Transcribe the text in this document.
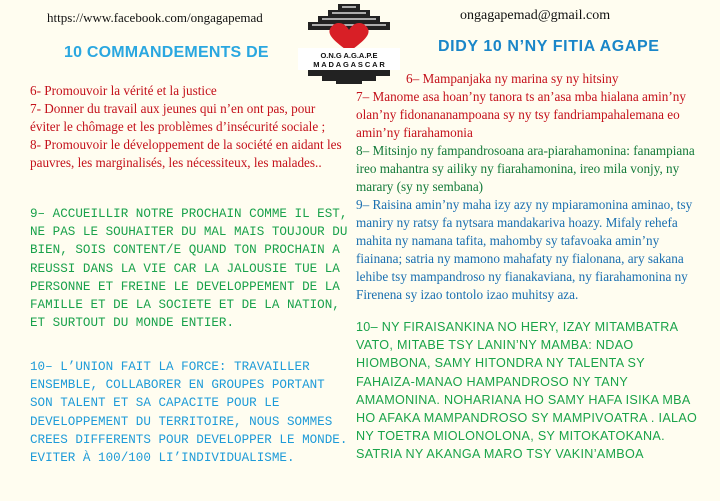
https://www.facebook.com/ongagapemad	ongagapemad@gmail.com
O.N.G A.G.A.P.E
M A D A G A S C A R
10 COMMANDEMENTS DE	DIDY 10 N’NY FITIA AGAPE

6- Promouvoir la vérité et la justice

7- Donner du travail aux jeunes qui n’en ont pas, pour éviter le chômage et les problèmes d’insécurité sociale ;

8- Promouvoir le développement de la société en aidant les pauvres, les marginalisés, les nécessiteux, les malades..

9– ACCUEILLIR NOTRE PROCHAIN COMME IL EST, NE PAS LE SOUHAITER DU MAL MAIS TOUJOUR DU BIEN, SOIS CONTENT/E QUAND TON PROCHAIN A REUSSI DANS LA VIE CAR LA JALOUSIE TUE LA PERSONNE ET FREINE LE DEVELOPPEMENT DE LA FAMILLE ET DE LA SOCIETE ET DE LA NATION, ET SURTOUT DU MONDE ENTIER.
10– L’UNION FAIT LA FORCE: TRAVAILLER ENSEMBLE, COLLABORER EN GROUPES PORTANT SON TALENT ET SA CAPACITE POUR LE DEVELOPPEMENT DU TERRITOIRE, NOUS SOMMES CREES DIFFERENTS POUR DEVELOPPER LE MONDE. EVITER À 100/100 LI’INDIVIDUALISME.

6– Mampanjaka ny marina sy ny hitsiny

7– Manome asa hoan’ny tanora ts an’asa mba hialana amin’ny olan’ny fidonananampoana sy ny tsy fandriampahalemana eo amin’ny fiarahamonia

8– Mitsinjo ny fampandrosoana ara-piarahamonina: fanampiana ireo mahantra sy ailiky ny fiarahamonina, ireo mila vonjy, ny marary (sy ny sembana)

9– Raisina amin’ny maha izy azy ny mpiaramonina aminao, tsy maniry ny ratsy fa nytsara mandakariva hoazy. Mifaly rehefa mahita ny namana tafita, mahomby sy tafavoaka amin’ny fiainana; satria ny mamono mahafaty ny fialonana, ary sakana lehibe tsy mampandroso ny fianakaviana, ny fiarahamonina ny Firenena sy izao tontolo izao muhitsy aza.

10– NY FIRAISANKINA NO HERY, IZAY MITAMBATRA VATO, MITABE TSY LANIN’NY MAMBA: NDAO HIOMBONA, SAMY HITONDRA NY TALENTA SY FAHAIZA-MANAO HAMPANDROSO NY TANY AMAMONINA. NOHARIANA HO SAMY HAFA ISIKA MBA HO AFAKA MAMPANDROSO SY MAMPIVOATRA . IALAO NY TOETRA MIOLONOLONA, SY MITOKATOKANA.

SATRIA NY AKANGA MARO TSY VAKIN’AMBOA
